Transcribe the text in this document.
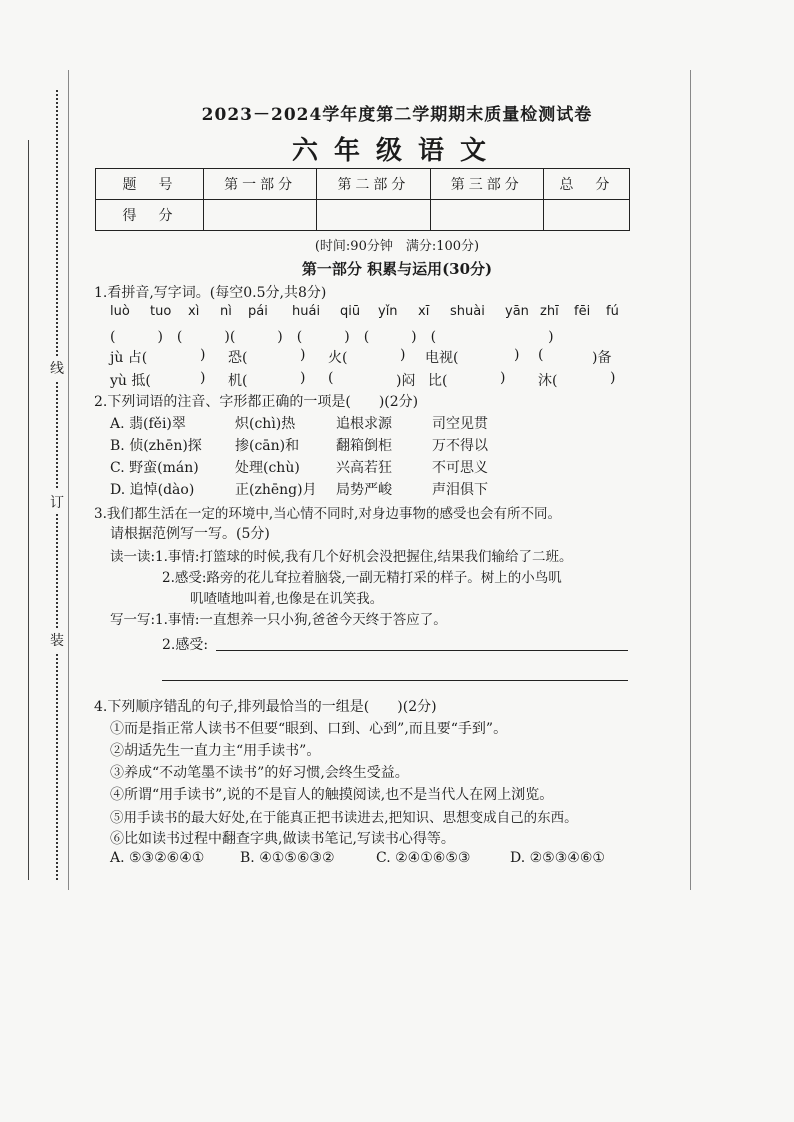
线
订
装
2023－2024学年度第二学期期末质量检测试卷
六年级语文
题　号	第一部分	第二部分	第三部分	总　分
得　分				
(时间:90分钟　满分:100分)
第一部分 积累与运用(30分)
1.看拼音,写字词。(每空0.5分,共8分)
luò tuo xì nì pái huái qiū yǐn xī shuài yān zhī fēi fú
(　　　)　(　　　)(　　　)　(　　　)　(　　　)　(　　　　　　　　)
jù 占(	) 恐(	) 火(	) 电视(	) (	)备
yù 抵(	) 机(	) (	)闷 比(	) 沐(	)
2.下列词语的注音、字形都正确的一项是(　　)(2分)
A. 翡(fěi)翠	炽(chì)热	追根求源	司空见贯
B. 侦(zhēn)探 掺(cān)和	翻箱倒柜	万不得以
C. 野蛮(mán)	处理(chù)	兴高若狂	不可思义
D. 追悼(dào)	正(zhēng)月 局势严峻	声泪俱下
3.我们都生活在一定的环境中,当心情不同时,对身边事物的感受也会有所不同。
请根据范例写一写。(5分)
读一读:1.事情:打篮球的时候,我有几个好机会没把握住,结果我们输给了二班。
2.感受:路旁的花儿耷拉着脑袋,一副无精打采的样子。树上的小鸟叽
叽喳喳地叫着,也像是在讥笑我。
写一写:1.事情:一直想养一只小狗,爸爸今天终于答应了。
2.感受:
4.下列顺序错乱的句子,排列最恰当的一组是(　　)(2分)
①而是指正常人读书不但要“眼到、口到、心到”,而且要“手到”。
②胡适先生一直力主“用手读书”。
③养成“不动笔墨不读书”的好习惯,会终生受益。
④所谓“用手读书”,说的不是盲人的触摸阅读,也不是当代人在网上浏览。
⑤用手读书的最大好处,在于能真正把书读进去,把知识、思想变成自己的东西。
⑥比如读书过程中翻查字典,做读书笔记,写读书心得等。
A. ⑤③②⑥④①	B. ④①⑤⑥③②	C. ②④①⑥⑤③	D. ②⑤③④⑥①
